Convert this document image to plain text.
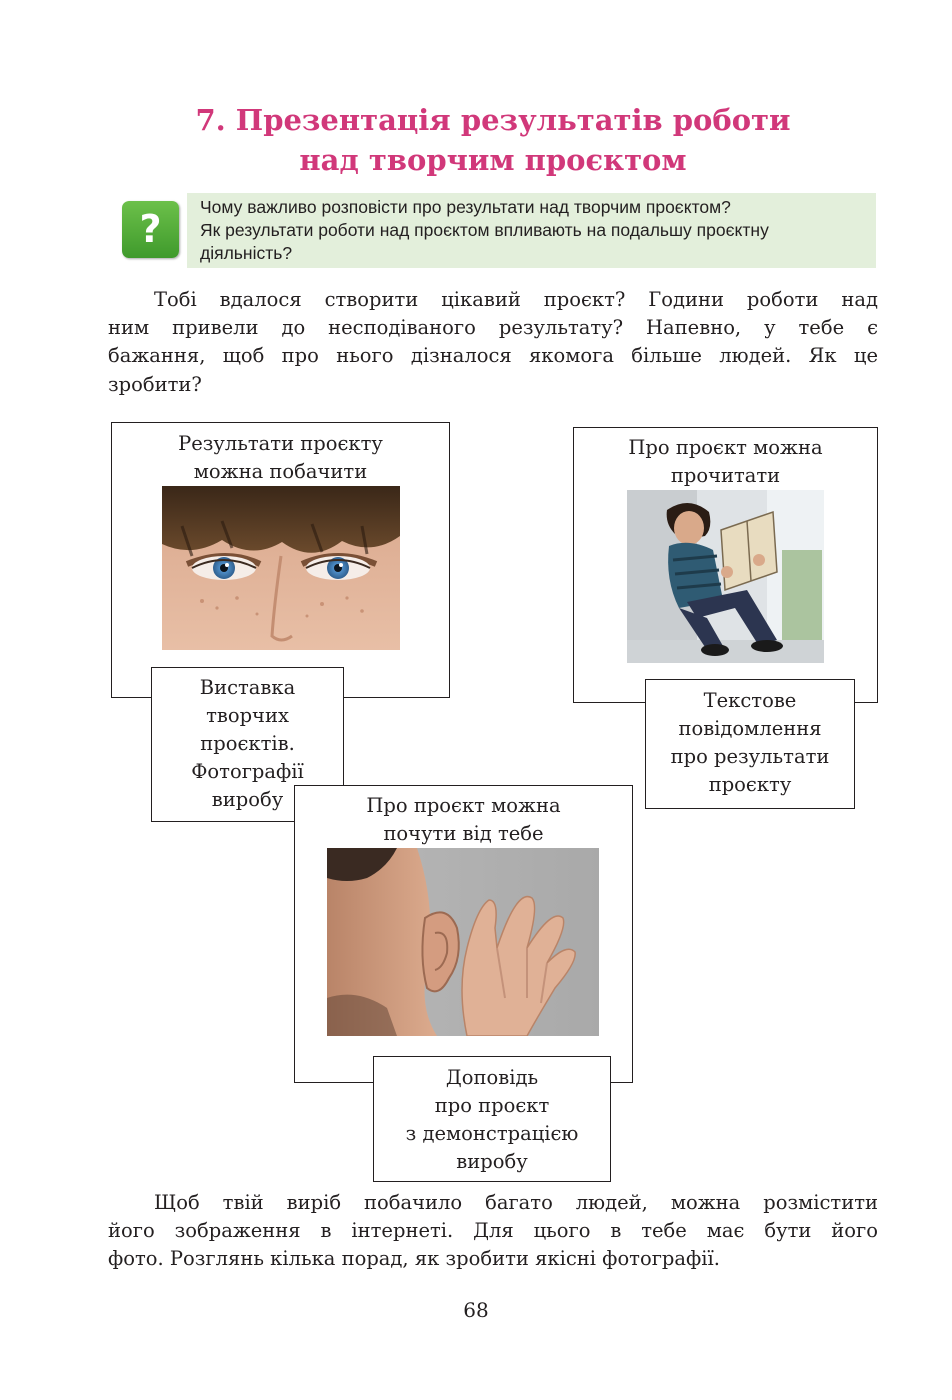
7. Презентація результатів роботи
над творчим проєктом
?	Чому важливо розповісти про результати над творчим проєктом?
Як результати роботи над проєктом впливають на подальшу проєктну
діяльність?
Тобі вдалося створити цікавий проєкт? Години роботи над
ним привели до несподіваного результату? Напевно, у тебе є
бажання, щоб про нього дізналося якомога більше людей. Як це
зробити?
Результати проєкту
можна побачити
Виставка
творчих
проєктів.
Фотографії
виробу
Про проєкт можна
прочитати
Текстове
повідомлення
про результати
проєкту
Про проєкт можна
почути від тебе
Доповідь
про проєкт
з демонстрацією
виробу
Щоб твій виріб побачило багато людей, можна розмістити
його зображення в інтернеті. Для цього в тебе має бути його
фото. Розглянь кілька порад, як зробити якісні фотографії.
68
